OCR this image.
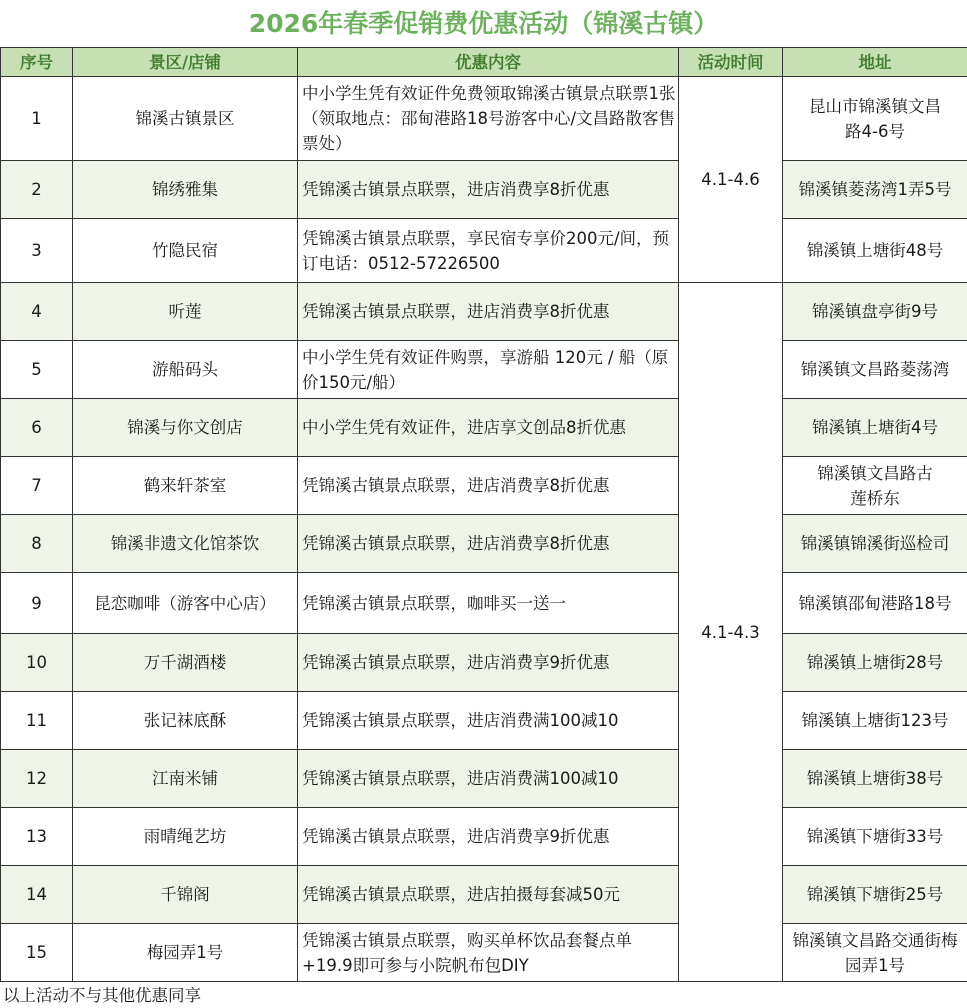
2026年春季促销费优惠活动（锦溪古镇）
序号	景区/店铺	优惠内容	活动时间	地址
1	锦溪古镇景区	中小学生凭有效证件免费领取锦溪古镇景点联票1张（领取地点：邵甸港路18号游客中心/文昌路散客售票处）	4.1-4.6	昆山市锦溪镇文昌路4-6号
2	锦绣雅集	凭锦溪古镇景点联票，进店消费享8折优惠		锦溪镇菱荡湾1弄5号
3	竹隐民宿	凭锦溪古镇景点联票，享民宿专享价200元/间，预订电话：0512-57226500		锦溪镇上塘街48号
4	听莲	凭锦溪古镇景点联票，进店消费享8折优惠	4.1-4.3	锦溪镇盘亭街9号
5	游船码头	中小学生凭有效证件购票，享游船 120元 / 船（原价150元/船）		锦溪镇文昌路菱荡湾
6	锦溪与你文创店	中小学生凭有效证件，进店享文创品8折优惠		锦溪镇上塘街4号
7	鹤来轩茶室	凭锦溪古镇景点联票，进店消费享8折优惠		锦溪镇文昌路古莲桥东
8	锦溪非遗文化馆茶饮	凭锦溪古镇景点联票，进店消费享8折优惠		锦溪镇锦溪街巡检司
9	昆恋咖啡（游客中心店）	凭锦溪古镇景点联票，咖啡买一送一		锦溪镇邵甸港路18号
10	万千湖酒楼	凭锦溪古镇景点联票，进店消费享9折优惠		锦溪镇上塘街28号
11	张记袜底酥	凭锦溪古镇景点联票，进店消费满100减10		锦溪镇上塘街123号
12	江南米铺	凭锦溪古镇景点联票，进店消费满100减10		锦溪镇上塘街38号
13	雨晴绳艺坊	凭锦溪古镇景点联票，进店消费享9折优惠		锦溪镇下塘街33号
14	千锦阁	凭锦溪古镇景点联票，进店拍摄每套减50元		锦溪镇下塘街25号
15	梅园弄1号	凭锦溪古镇景点联票，购买单杯饮品套餐点单+19.9即可参与小院帆布包DIY		锦溪镇文昌路交通街梅园弄1号
以上活动不与其他优惠同享
